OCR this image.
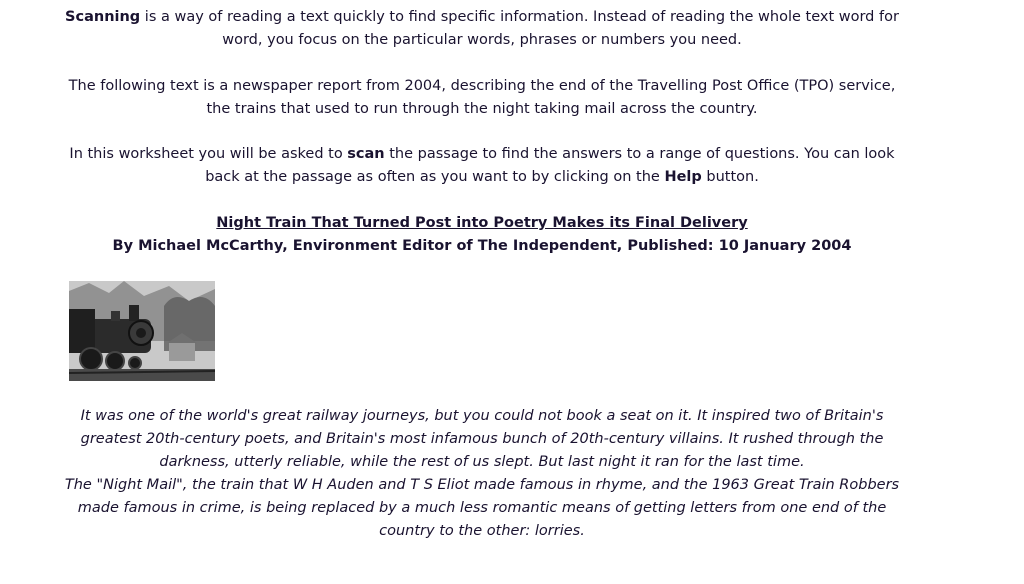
Scanning is a way of reading a text quickly to find specific information. Instead of reading the whole text word for word, you focus on the particular words, phrases or numbers you need.

The following text is a newspaper report from 2004, describing the end of the Travelling Post Office (TPO) service, the trains that used to run through the night taking mail across the country.

In this worksheet you will be asked to scan the passage to find the answers to a range of questions. You can look back at the passage as often as you want to by clicking on the Help button.

Night Train That Turned Post into Poetry Makes its Final Delivery
By Michael McCarthy, Environment Editor of The Independent, Published: 10 January 2004
It was one of the world's great railway journeys, but you could not book a seat on it. It inspired two of Britain's greatest 20th-century poets, and Britain's most infamous bunch of 20th-century villains. It rushed through the darkness, utterly reliable, while the rest of us slept. But last night it ran for the last time.
The "Night Mail", the train that W H Auden and T S Eliot made famous in rhyme, and the 1963 Great Train Robbers made famous in crime, is being replaced by a much less romantic means of getting letters from one end of the country to the other: lorries.
